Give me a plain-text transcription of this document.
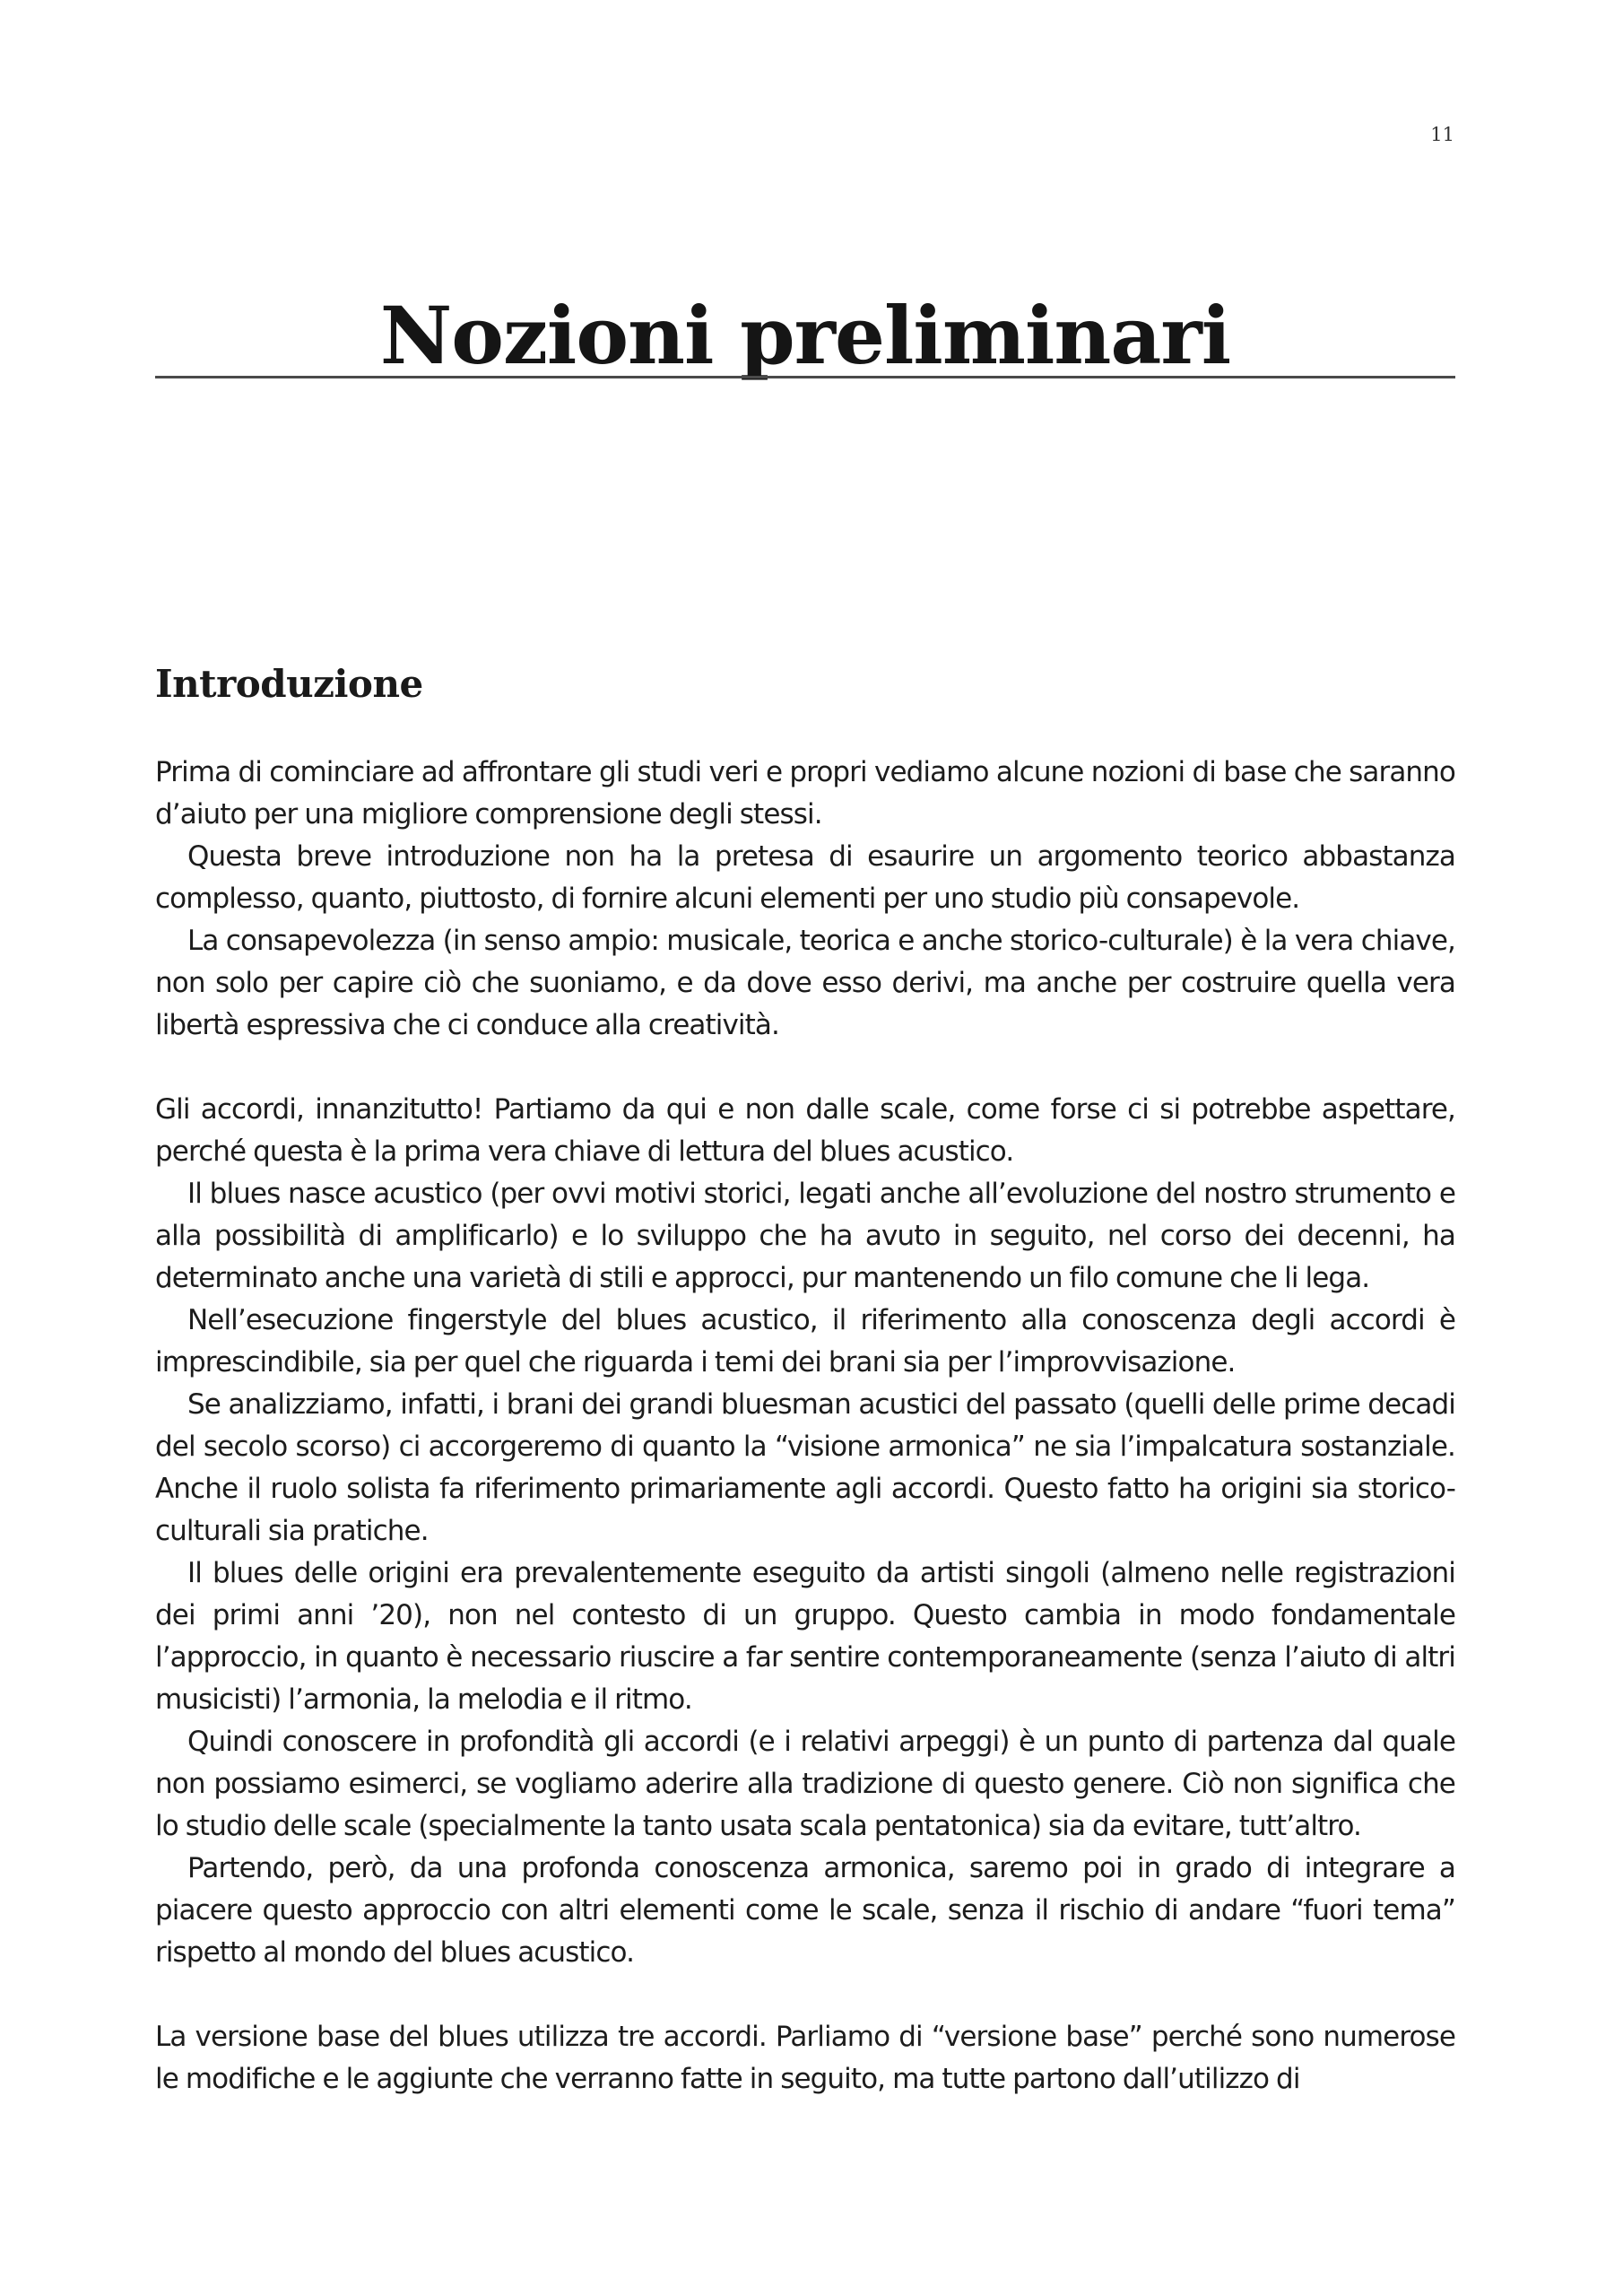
11
Nozioni preliminari
Introduzione

Prima di cominciare ad affrontare gli studi veri e propri vediamo alcune nozioni di base che saranno d’aiuto per una migliore comprensione degli stessi.

Questa breve introduzione non ha la pretesa di esaurire un argomento teorico abbastanza complesso, quanto, piuttosto, di fornire alcuni elementi per uno studio più consapevole.

La consapevolezza (in senso ampio: musicale, teorica e anche storico-culturale) è la vera chiave, non solo per capire ciò che suoniamo, e da dove esso derivi, ma anche per costruire quella vera libertà espressiva che ci conduce alla creatività.

Gli accordi, innanzitutto! Partiamo da qui e non dalle scale, come forse ci si potrebbe aspettare, perché questa è la prima vera chiave di lettura del blues acustico.

Il blues nasce acustico (per ovvi motivi storici, legati anche all’evoluzione del nostro strumento e alla possibilità di amplificarlo) e lo sviluppo che ha avuto in seguito, nel corso dei decenni, ha determinato anche una varietà di stili e approcci, pur mantenendo un filo comune che li lega.

Nell’esecuzione fingerstyle del blues acustico, il riferimento alla conoscenza degli accordi è imprescindibile, sia per quel che riguarda i temi dei brani sia per l’improvvisazione.

Se analizziamo, infatti, i brani dei grandi bluesman acustici del passato (quelli delle prime decadi del secolo scorso) ci accorgeremo di quanto la “visione armonica” ne sia l’impalcatura sostanziale. Anche il ruolo solista fa riferimento primariamente agli accordi. Questo fatto ha origini sia storico-culturali sia pratiche.

Il blues delle origini era prevalentemente eseguito da artisti singoli (almeno nelle registrazioni dei primi anni ’20), non nel contesto di un gruppo. Questo cambia in modo fondamentale l’approccio, in quanto è necessario riuscire a far sentire contemporaneamente (senza l’aiuto di altri musicisti) l’armonia, la melodia e il ritmo.

Quindi conoscere in profondità gli accordi (e i relativi arpeggi) è un punto di partenza dal quale non possiamo esimerci, se vogliamo aderire alla tradizione di questo genere. Ciò non significa che lo studio delle scale (specialmente la tanto usata scala pentatonica) sia da evitare, tutt’altro.

Partendo, però, da una profonda conoscenza armonica, saremo poi in grado di integrare a piacere questo approccio con altri elementi come le scale, senza il rischio di andare “fuori tema” rispetto al mondo del blues acustico.

La versione base del blues utilizza tre accordi. Parliamo di “versione base” perché sono numerose le modifiche e le aggiunte che verranno fatte in seguito, ma tutte partono dall’utilizzo di
